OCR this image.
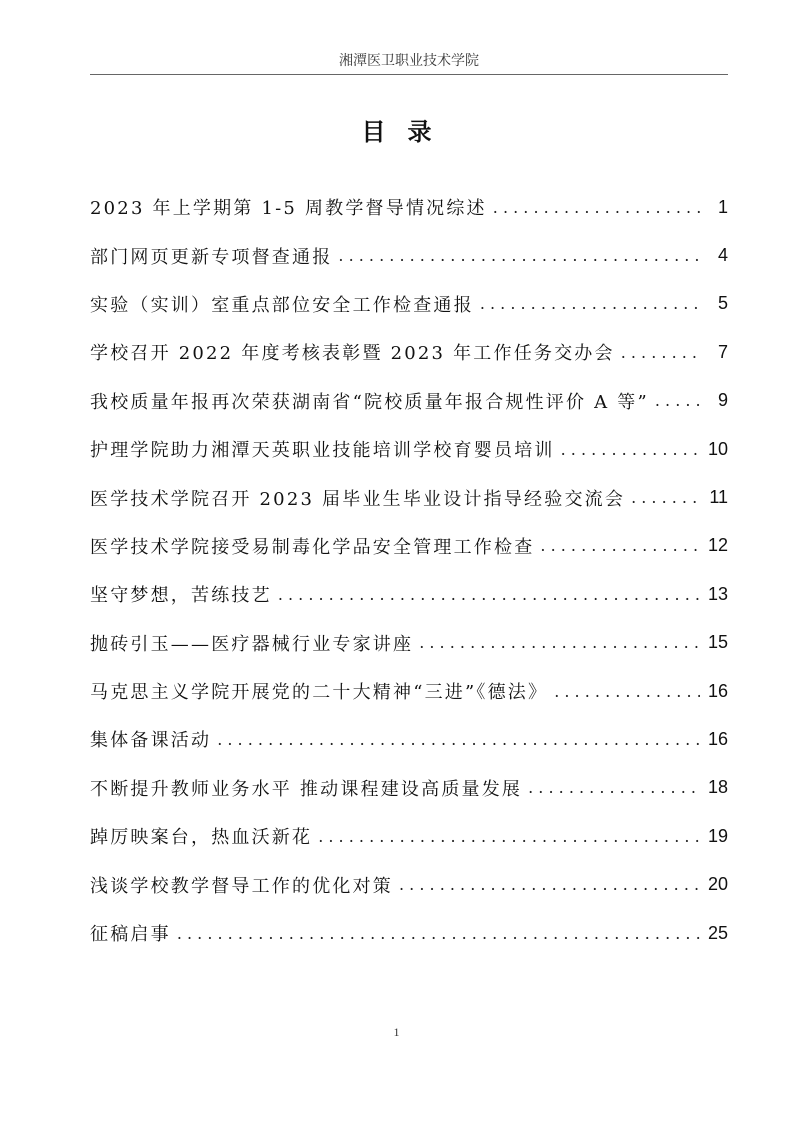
湘潭医卫职业技术学院
目录
2023 年上学期第 1-5 周教学督导情况综述 . . .	1
部门网页更新专项督查通报 . . .	4
实验（实训）室重点部位安全工作检查通报 . . .	5
学校召开 2022 年度考核表彰暨 2023 年工作任务交办会 . . .	7
我校质量年报再次荣获湖南省“院校质量年报合规性评价 A 等” . . .	9
护理学院助力湘潭天英职业技能培训学校育婴员培训 . . .	10
医学技术学院召开 2023 届毕业生毕业设计指导经验交流会 . . .	11
医学技术学院接受易制毒化学品安全管理工作检查 . . .	12
坚守梦想，苦练技艺 . . .	13
抛砖引玉——医疗器械行业专家讲座 . . .	15
马克思主义学院开展党的二十大精神“三进”《德法》 . . .	16
集体备课活动 . . .	16
不断提升教师业务水平 推动课程建设高质量发展 . . .	18
踔厉映案台，热血沃新花 . . .	19
浅谈学校教学督导工作的优化对策 . . .	20
征稿启事 . . .	25
1
